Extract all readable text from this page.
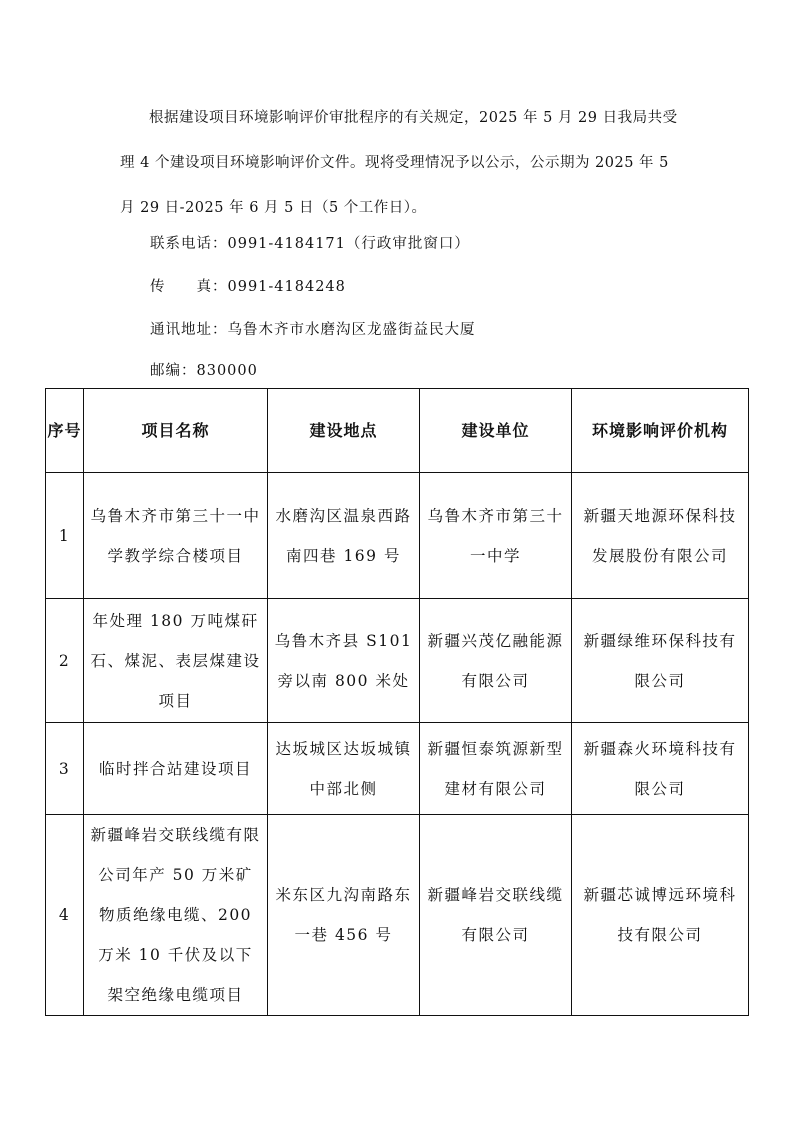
根据建设项目环境影响评价审批程序的有关规定，2025 年 5 月 29 日我局共受理 4 个建设项目环境影响评价文件。现将受理情况予以公示，公示期为 2025 年 5 月 29 日-2025 年 6 月 5 日（5 个工作日）。

联系电话：0991-4184171（行政审批窗口）
传　　真：0991-4184248
通讯地址：乌鲁木齐市水磨沟区龙盛街益民大厦
邮编：830000
序号	项目名称	建设地点	建设单位	环境影响评价机构
1	乌鲁木齐市第三十一中学教学综合楼项目	水磨沟区温泉西路南四巷 169 号	乌鲁木齐市第三十一中学	新疆天地源环保科技发展股份有限公司
2	年处理 180 万吨煤矸石、煤泥、表层煤建设项目	乌鲁木齐县 S101 旁以南 800 米处	新疆兴茂亿融能源有限公司	新疆绿维环保科技有限公司
3	临时拌合站建设项目	达坂城区达坂城镇中部北侧	新疆恒泰筑源新型建材有限公司	新疆森火环境科技有限公司
4	新疆峰岩交联线缆有限公司年产 50 万米矿物质绝缘电缆、200 万米 10 千伏及以下架空绝缘电缆项目	米东区九沟南路东一巷 456 号	新疆峰岩交联线缆有限公司	新疆芯诚博远环境科技有限公司
